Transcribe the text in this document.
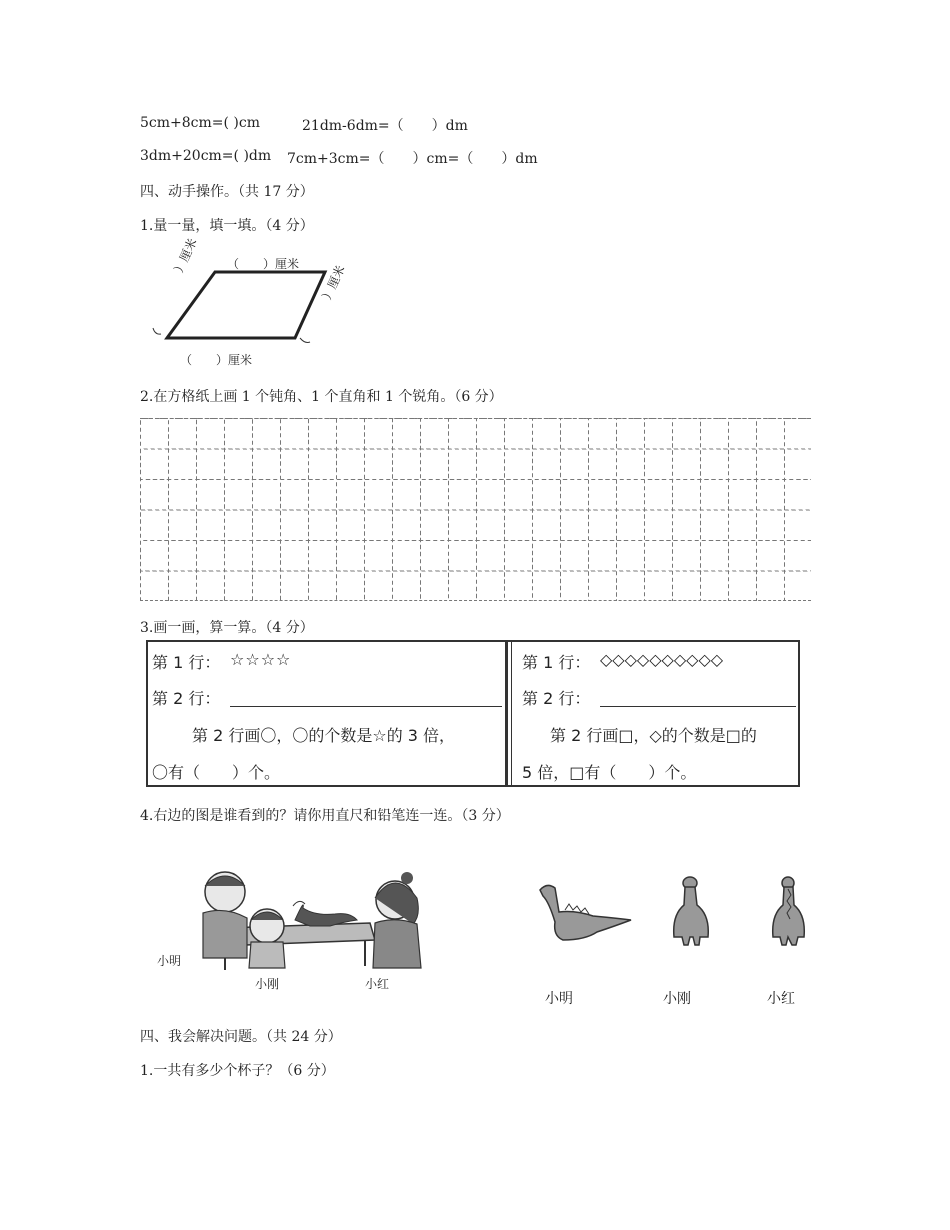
5cm+8cm=( )cm	21dm-6dm=（　　）dm
3dm+20cm=( )dm 7cm+3cm=（　　）cm=（　　）dm
四、动手操作。（共 17 分）
1.量一量，填一填。（4 分）
（　　）厘米
）厘米
）厘米
（　　）厘米
2.在方格纸上画 1 个钝角、1 个直角和 1 个锐角。（6 分）
3.画一画，算一算。（4 分）
第 1 行： ☆☆☆☆
第 2 行：
第 2 行画〇，〇的个数是☆的 3 倍，
〇有（　　）个。
第 1 行： ◇◇◇◇◇◇◇◇◇◇
第 2 行：
第 2 行画□，◇的个数是□的
5 倍，□有（　　）个。
4.右边的图是谁看到的？请你用直尺和铅笔连一连。（3 分）
小明
小刚	小红
小明	小刚	小红
四、我会解决问题。（共 24 分）
1.一共有多少个杯子？（6 分）
